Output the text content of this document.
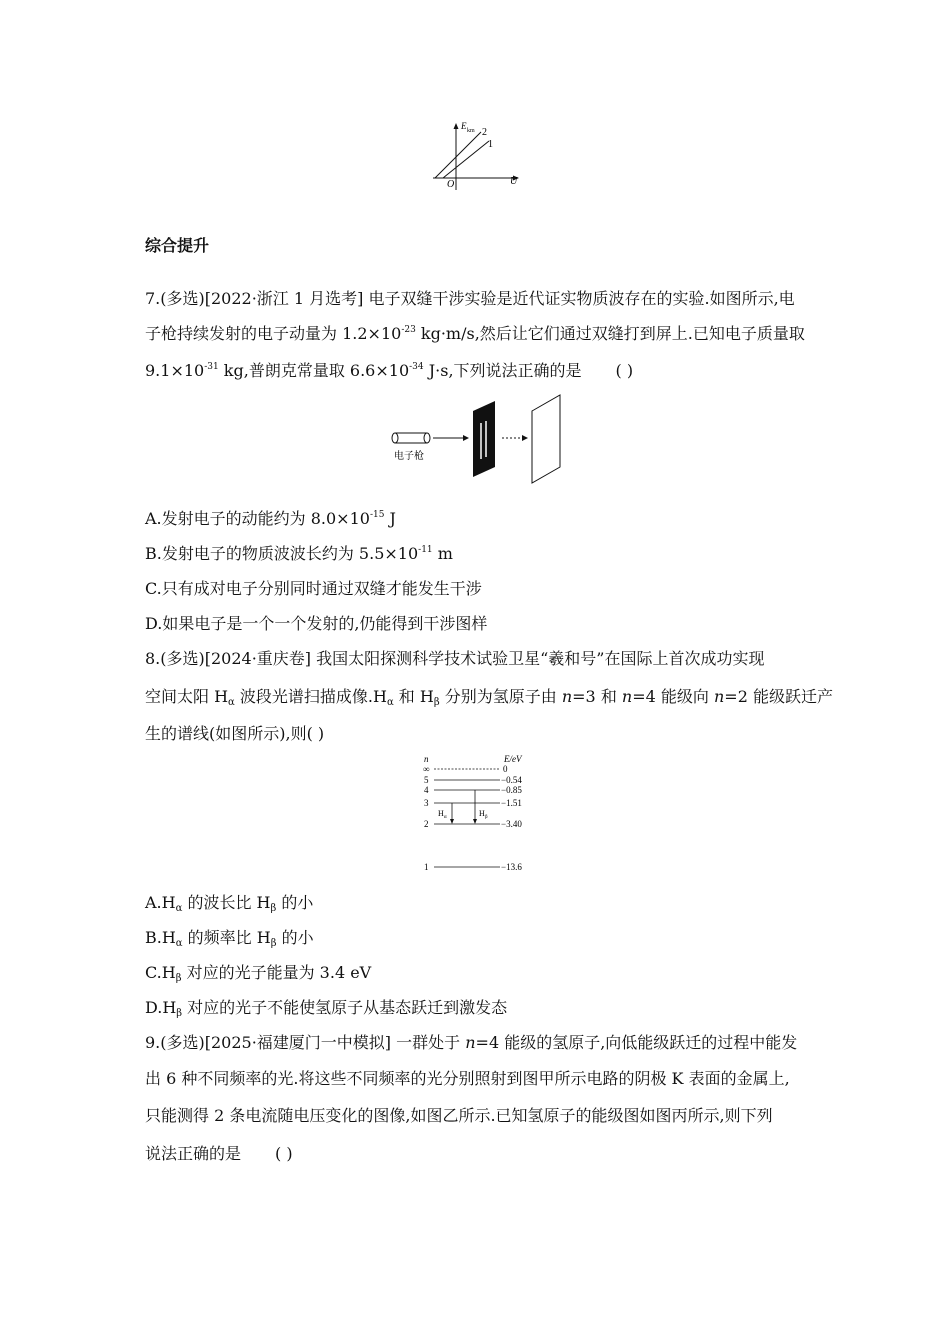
E km 2
1
O	U
综合提升
7.(多选)[2022·浙江 1 月选考] 电子双缝干涉实验是近代证实物质波存在的实验.如图所示,电
子枪持续发射的电子动量为 $1.2\times 10^{-23}$ kg·m/s,然后让它们通过双缝打到屏上.已知电子质量取
$9.1\times 10^{-31}$ kg,普朗克常量取 $6.6\times 10^{-34}$ J·s,下列说法正确的是 ( )
电子枪
A.发射电子的动能约为 $8.0\times 10^{-15}$ J
B.发射电子的物质波波长约为 $5.5\times 10^{-11}$ m
C.只有成对电子分别同时通过双缝才能发生干涉
D.如果电子是一个一个发射的,仍能得到干涉图样
8.(多选)[2024·重庆卷] 我国太阳探测科学技术试验卫星“羲和号”在国际上首次成功实现
空间太阳 $H_\alpha$ 波段光谱扫描成像$.H_\alpha$ 和 $H_\beta$ 分别为氢原子由 n=3 和 n=4 能级向 n=2 能级跃迁产
生的谱线(如图所示),则( )
n	E/eV
∞	0
5	−0.54
4	−0.85
3	−1.51
2	−3.40
1	−13.6
H α	H β
$A.H_\alpha$ 的波长比 $H_\beta$ 的小
$B.H_\alpha$ 的频率比 $H_\beta$ 的小
$C.H_\beta$ 对应的光子能量为 3.4 eV
$D.H_\beta$ 对应的光子不能使氢原子从基态跃迁到激发态
9.(多选)[2025·福建厦门一中模拟] 一群处于 n=4 能级的氢原子,向低能级跃迁的过程中能发
出 6 种不同频率的光.将这些不同频率的光分别照射到图甲所示电路的阴极 K 表面的金属上,
只能测得 2 条电流随电压变化的图像,如图乙所示.已知氢原子的能级图如图丙所示,则下列
说法正确的是 ( )
